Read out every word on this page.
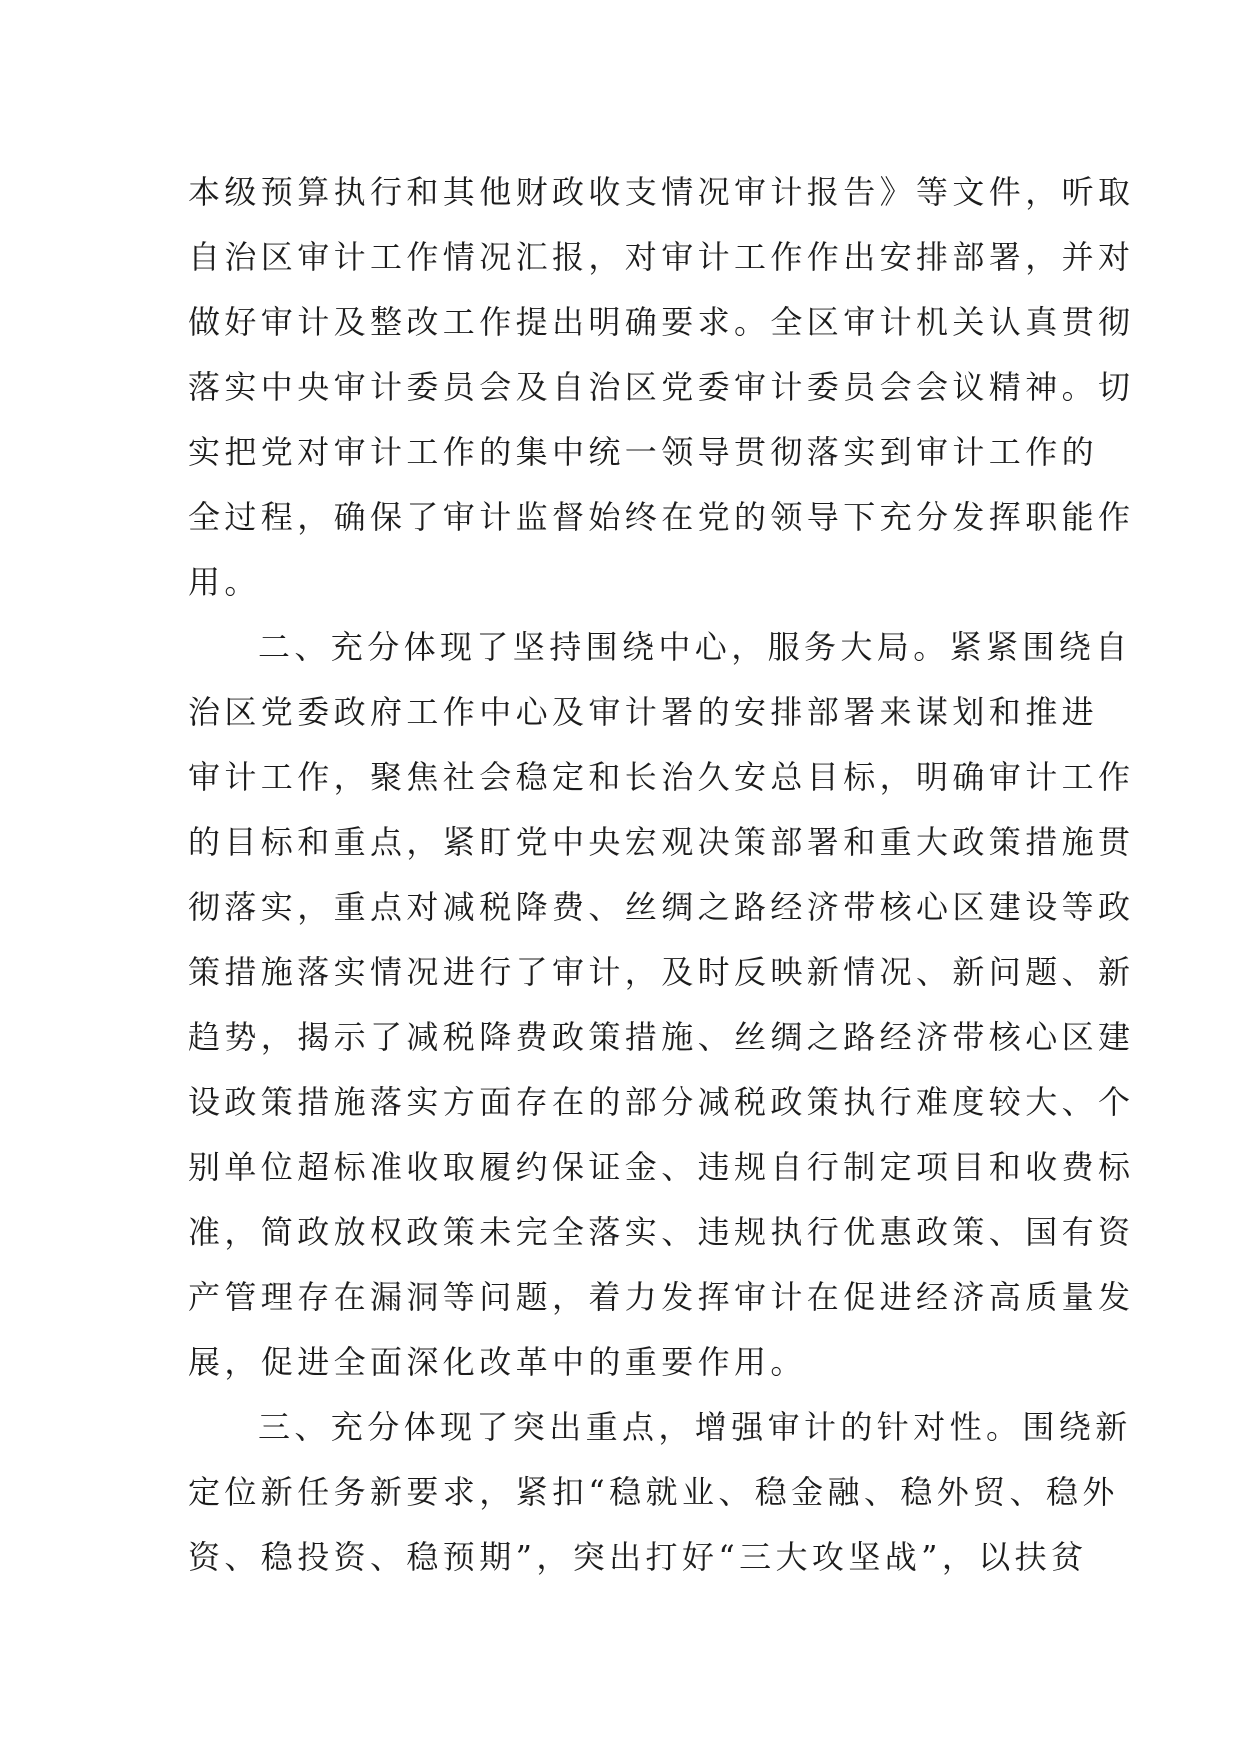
本级预算执行和其他财政收支情况审计报告》等文件，听取
自治区审计工作情况汇报，对审计工作作出安排部署，并对
做好审计及整改工作提出明确要求。全区审计机关认真贯彻
落实中央审计委员会及自治区党委审计委员会会议精神。切
实把党对审计工作的集中统一领导贯彻落实到审计工作的
全过程，确保了审计监督始终在党的领导下充分发挥职能作
用。
二、充分体现了坚持围绕中心，服务大局。紧紧围绕自
治区党委政府工作中心及审计署的安排部署来谋划和推进
审计工作，聚焦社会稳定和长治久安总目标，明确审计工作
的目标和重点，紧盯党中央宏观决策部署和重大政策措施贯
彻落实，重点对减税降费、丝绸之路经济带核心区建设等政
策措施落实情况进行了审计，及时反映新情况、新问题、新
趋势，揭示了减税降费政策措施、丝绸之路经济带核心区建
设政策措施落实方面存在的部分减税政策执行难度较大、个
别单位超标准收取履约保证金、违规自行制定项目和收费标
准，简政放权政策未完全落实、违规执行优惠政策、国有资
产管理存在漏洞等问题，着力发挥审计在促进经济高质量发
展，促进全面深化改革中的重要作用。
三、充分体现了突出重点，增强审计的针对性。围绕新
定位新任务新要求，紧扣“稳就业、稳金融、稳外贸、稳外
资、稳投资、稳预期”，突出打好“三大攻坚战”，以扶贫
